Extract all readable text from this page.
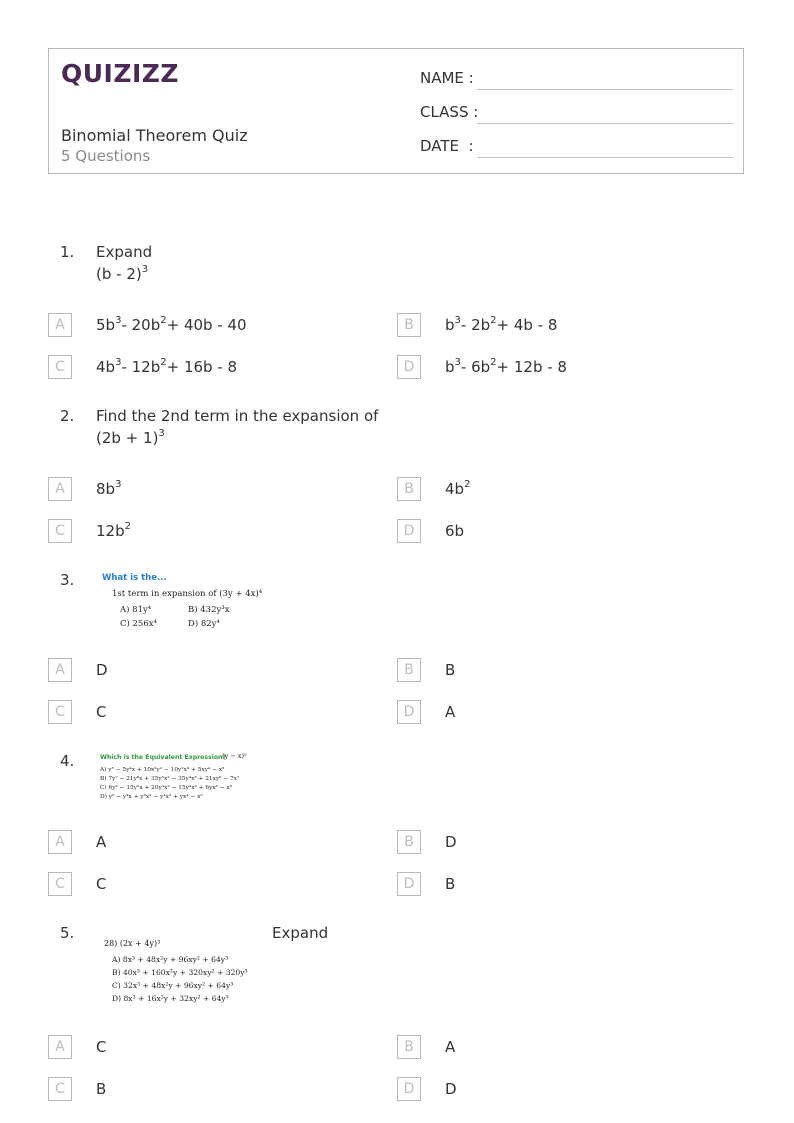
QUIZIZZ
Binomial Theorem Quiz
5 Questions
NAME :
CLASS :
DATE  :
1. Expand
(b - 2)$^3$
A	$5b^3-$ $20b^2+ 40b - 40$	B	$b^3-$ $2b^2+ 4b - 8$
C	$4b^3-$ $12b^2+ 16b - 8$	D	$b^3-$ $6b^2+ 12b - 8$
2. Find the 2nd term in the expansion of
$(2b + 1)^3$
A	$8b^3$	B	$4b^2$
C	$12b^2$	D	6b
3.	What is the...
1st term in expansion of (3y + 4x)⁴
A) 81y⁴	B) 432y³x
C) 256x⁴	D) 82y⁴
A	D	B	B
C	C	D	A
4.	Which is the Equivalent Expression?
(y − x)⁵
A) y⁵ − 5y⁴x + 10x³y² − 10y²x³ + 5xy⁴ − x⁵
B) 7y⁷ − 21y⁶x + 35y⁵x² − 35y⁴x³ + 21xy⁶ − 7x⁷
C) 6y⁶ − 15y⁵x + 20y⁴x² − 15y³x³ + 6yx⁵ − x⁶
D) y⁵ − y⁴x + y³x² − y²x³ + yx⁴ − x⁵
A	A	B	D
C	C	D	B
5.
28) (2x + 4y)³
A) 8x³ + 48x²y + 96xy² + 64y³
B) 40x³ + 160x²y + 320xy² + 320y³
C) 32x³ + 48x²y + 96xy² + 64y³
D) 8x³ + 16x²y + 32xy² + 64y³
Expand
A	C	B	A
C	B	D	D
